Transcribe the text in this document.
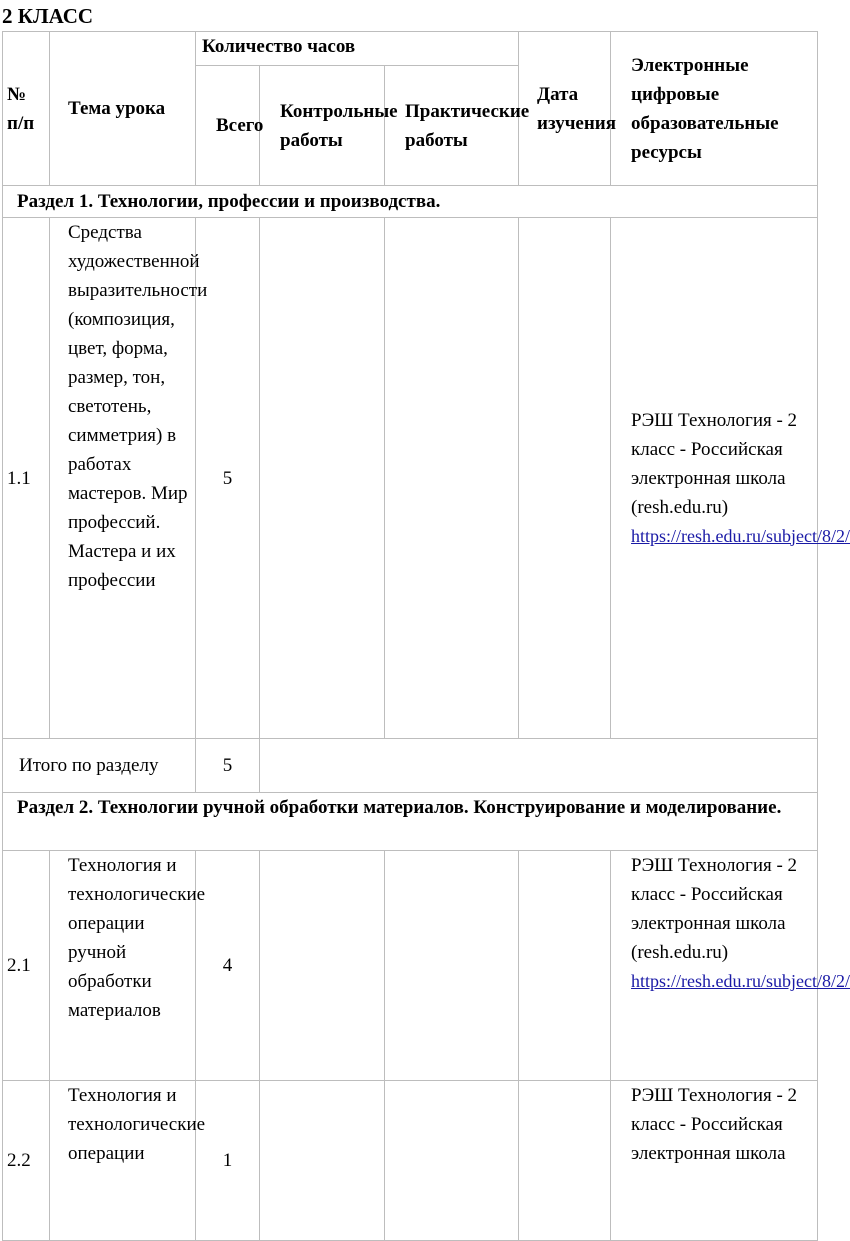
2 КЛАСС
№ п/п	Тема урока	Количество часов			Дата изучения	Электронные цифровые образовательные ресурсы
		Всего	Контрольные работы	Практические работы		
Раздел 1. Технологии, профессии и производства.						
1.1	Средства художественной выразительности (композиция, цвет, форма, размер, тон, светотень, симметрия) в работах мастеров. Мир профессий. Мастера и их профессии	5				РЭШ Технология - 2 класс - Российская электронная школа (resh.edu.ru)
https://resh.edu.ru/subject/8/2/
Итого по разделу		5				
Раздел 2. Технологии ручной обработки материалов. Конструирование и моделирование.						
2.1	Технология и технологические операции ручной обработки материалов	4				РЭШ Технология - 2 класс - Российская электронная школа (resh.edu.ru)
https://resh.edu.ru/subject/8/2/
2.2	Технология и технологические операции	1				РЭШ Технология - 2 класс - Российская электронная школа
